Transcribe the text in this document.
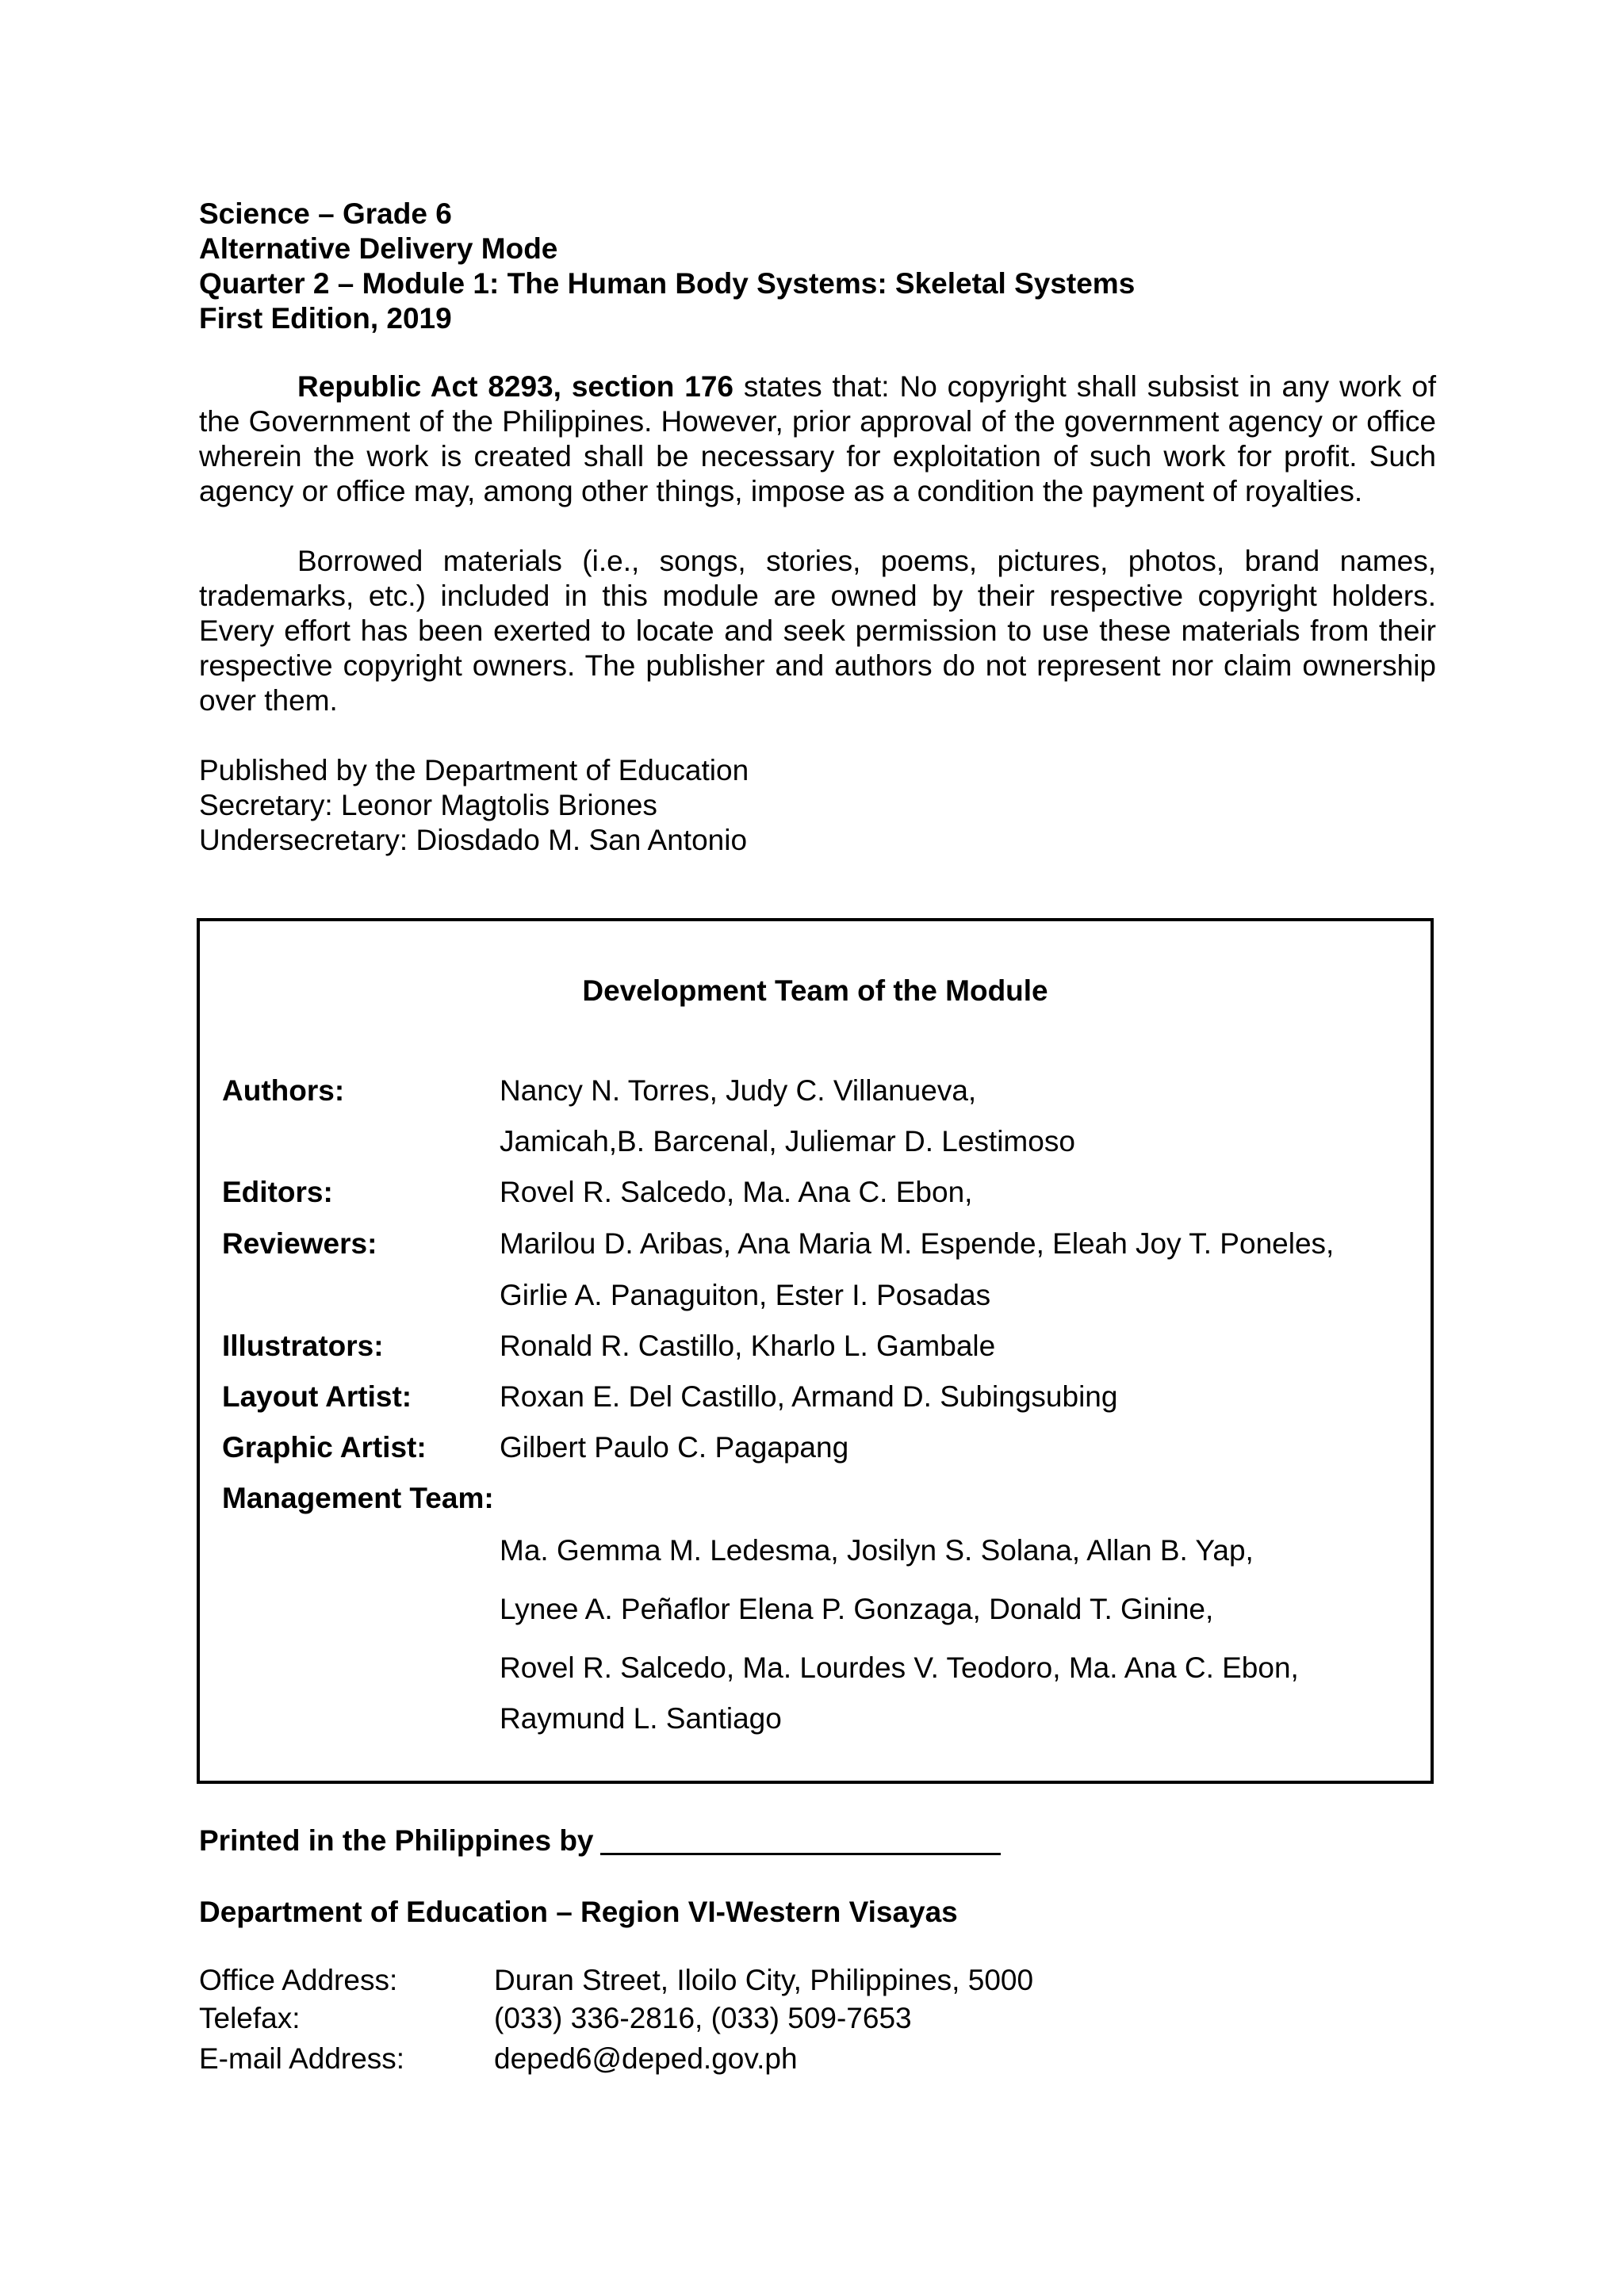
Science – Grade 6
Alternative Delivery Mode
Quarter 2 – Module 1: The Human Body Systems: Skeletal Systems
First Edition, 2019
Republic Act 8293, section 176 states that: No copyright shall subsist in any work of the Government of the Philippines. However, prior approval of the government agency or office wherein the work is created shall be necessary for exploitation of such work for profit. Such agency or office may, among other things, impose as a condition the payment of royalties.
Borrowed materials (i.e., songs, stories, poems, pictures, photos, brand names, trademarks, etc.) included in this module are owned by their respective copyright holders. Every effort has been exerted to locate and seek permission to use these materials from their respective copyright owners. The publisher and authors do not represent nor claim ownership over them.
Published by the Department of Education
Secretary: Leonor Magtolis Briones
Undersecretary: Diosdado M. San Antonio
Development Team of the Module
Authors:	Nancy N. Torres, Judy C. Villanueva,
Jamicah,B. Barcenal, Juliemar D. Lestimoso
Editors:	Rovel R. Salcedo, Ma. Ana C. Ebon,
Reviewers:	Marilou D. Aribas, Ana Maria M. Espende, Eleah Joy T. Poneles,
Girlie A. Panaguiton, Ester I. Posadas
Illustrators:	Ronald R. Castillo, Kharlo L. Gambale
Layout Artist:	Roxan E. Del Castillo, Armand D. Subingsubing
Graphic Artist: Gilbert Paulo C. Pagapang
Management Team:
Ma. Gemma M. Ledesma, Josilyn S. Solana, Allan B. Yap,
Lynee A. Peñaflor Elena P. Gonzaga, Donald T. Ginine,
Rovel R. Salcedo, Ma. Lourdes V. Teodoro, Ma. Ana C. Ebon,
Raymund L. Santiago
Printed in the Philippines by
Department of Education – Region VI-Western Visayas
Office Address:	Duran Street, Iloilo City, Philippines, 5000
Telefax:	(033) 336-2816, (033) 509-7653
E-mail Address:	deped6@deped.gov.ph
